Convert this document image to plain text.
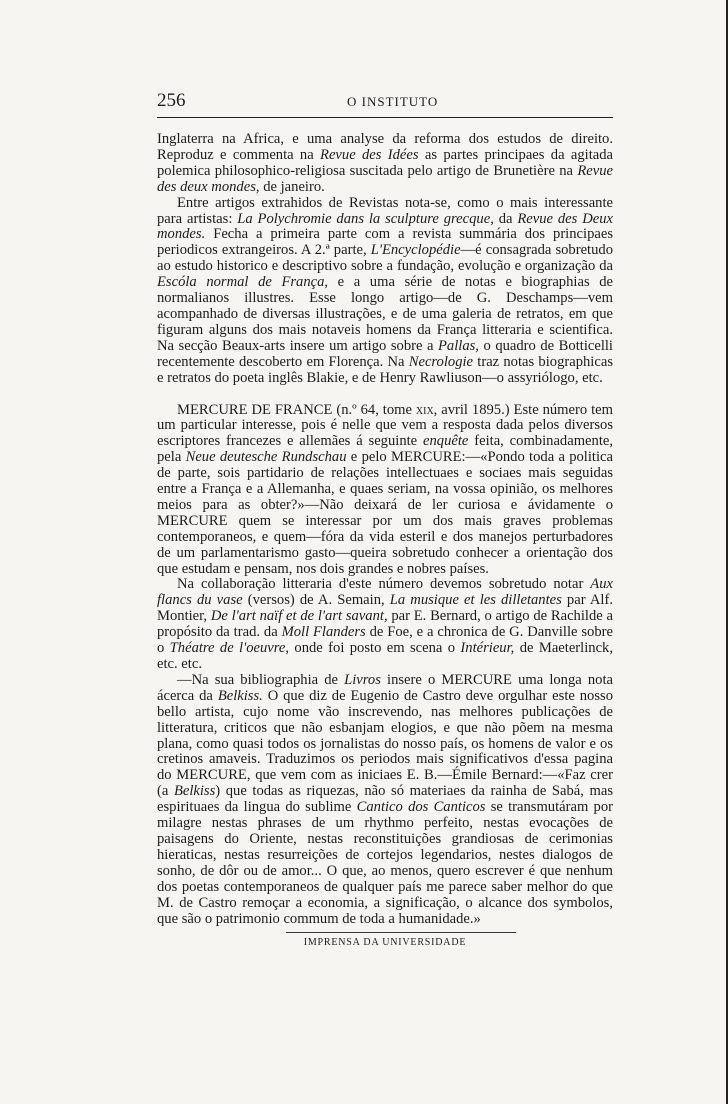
256	O INSTITUTO

Inglaterra na Africa, e uma analyse da reforma dos estudos de direito. Reproduz e commenta na Revue des Idées as partes principaes da agitada polemica philosophico-religiosa suscitada pelo artigo de Brunetière na Revue des deux mondes, de janeiro.

Entre artigos extrahidos de Revistas nota-se, como o mais interessante para artistas: La Polychromie dans la sculpture grecque, da Revue des Deux mondes. Fecha a primeira parte com a revista summária dos principaes periodicos extrangeiros. A 2.ª parte, L'Encyclopédie—é consagrada sobretudo ao estudo historico e descriptivo sobre a fundação, evolução e organização da Escóla normal de França, e a uma série de notas e biographias de normalianos illustres. Esse longo artigo—de G. Deschamps—vem acompanhado de diversas illustrações, e de uma galeria de retratos, em que figuram alguns dos mais notaveis homens da França litteraria e scientifica. Na secção Beaux-arts insere um artigo sobre a Pallas, o quadro de Botticelli recentemente descoberto em Florença. Na Necrologie traz notas biographicas e retratos do poeta inglês Blakie, e de Henry Rawliuson—o assyriólogo, etc.

MERCURE DE FRANCE (n.º 64, tome xix, avril 1895.) Este número tem um particular interesse, pois é nelle que vem a resposta dada pelos diversos escriptores francezes e allemães á seguinte enquête feita, combinadamente, pela Neue deutesche Rundschau e pelo MERCURE:—«Pondo toda a politica de parte, sois partidario de relações intellectuaes e sociaes mais seguidas entre a França e a Allemanha, e quaes seriam, na vossa opinião, os melhores meios para as obter?»—Não deixará de ler curiosa e ávidamente o MERCURE quem se interessar por um dos mais graves problemas contemporaneos, e quem—fóra da vida esteril e dos manejos perturbadores de um parlamentarismo gasto—queira sobretudo conhecer a orientação dos que estudam e pensam, nos dois grandes e nobres países.

Na collaboração litteraria d'este número devemos sobretudo notar Aux flancs du vase (versos) de A. Semain, La musique et les dilletantes par Alf. Montier, De l'art naïf et de l'art savant, par E. Bernard, o artigo de Rachilde a propósito da trad. da Moll Flanders de Foe, e a chronica de G. Danville sobre o Théatre de l'oeuvre, onde foi posto em scena o Intérieur, de Maeterlinck, etc. etc.

—Na sua bibliographia de Livros insere o MERCURE uma longa nota ácerca da Belkiss. O que diz de Eugenio de Castro deve orgulhar este nosso bello artista, cujo nome vão inscrevendo, nas melhores publicações de litteratura, criticos que não esbanjam elogios, e que não põem na mesma plana, como quasi todos os jornalistas do nosso país, os homens de valor e os cretinos amaveis. Traduzimos os periodos mais significativos d'essa pagina do MERCURE, que vem com as iniciaes E. B.—Émile Bernard:—«Faz crer (a Belkiss) que todas as riquezas, não só materiaes da rainha de Sabá, mas espirituaes da lingua do sublime Cantico dos Canticos se transmutáram por milagre nestas phrases de um rhythmo perfeito, nestas evocações de paisagens do Oriente, nestas reconstituições grandiosas de cerimonias hieraticas, nestas resurreições de cortejos legendarios, nestes dialogos de sonho, de dôr ou de amor... O que, ao menos, quero escrever é que nenhum dos poetas contemporaneos de qualquer país me parece saber melhor do que M. de Castro remoçar a economia, a significação, o alcance dos symbolos, que são o patrimonio commum de toda a humanidade.»

IMPRENSA DA UNIVERSIDADE
